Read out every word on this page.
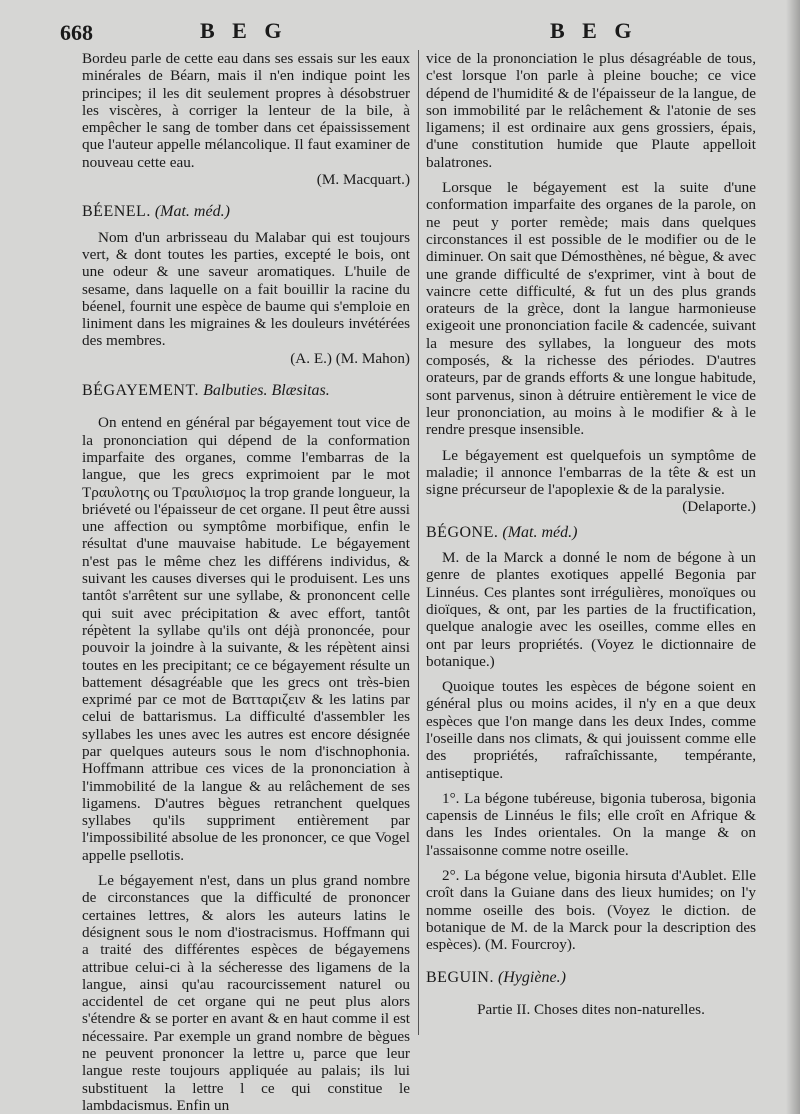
668	B E G	B E G

Bordeu parle de cette eau dans ses essais sur les eaux minérales de Béarn, mais il n'en indique point les principes; il les dit seulement propres à désobstruer les viscères, à corriger la lenteur de la bile, à empêcher le sang de tomber dans cet épaississement que l'auteur appelle mélancolique. Il faut examiner de nouveau cette eau.

(M. Macquart.)

BÉENEL. (Mat. méd.)

Nom d'un arbrisseau du Malabar qui est toujours vert, & dont toutes les parties, excepté le bois, ont une odeur & une saveur aromatiques. L'huile de sesame, dans laquelle on a fait bouillir la racine du béenel, fournit une espèce de baume qui s'emploie en liniment dans les migraines & les douleurs invétérées des membres.

(A. E.) (M. Mahon)

BÉGAYEMENT. Balbuties. Blæsitas.

On entend en général par bégayement tout vice de la prononciation qui dépend de la conformation imparfaite des organes, comme l'embarras de la langue, que les grecs exprimoient par le mot Τραυλοτης ou Τραυλισμος la trop grande longueur, la briéveté ou l'épaisseur de cet organe. Il peut être aussi une affection ou symptôme morbifique, enfin le résultat d'une mauvaise habitude. Le bégayement n'est pas le même chez les différens individus, & suivant les causes diverses qui le produisent. Les uns tantôt s'arrêtent sur une syllabe, & prononcent celle qui suit avec précipitation & avec effort, tantôt répètent la syllabe qu'ils ont déjà prononcée, pour pouvoir la joindre à la suivante, & les répètent ainsi toutes en les precipitant; ce ce bégayement résulte un battement désagréable que les grecs ont très-bien exprimé par ce mot de Βατταριζειν & les latins par celui de battarismus. La difficulté d'assembler les syllabes les unes avec les autres est encore désignée par quelques auteurs sous le nom d'ischnophonia. Hoffmann attribue ces vices de la prononciation à l'immobilité de la langue & au relâchement de ses ligamens. D'autres bègues retranchent quelques syllabes qu'ils suppriment entièrement par l'impossibilité absolue de les prononcer, ce que Vogel appelle psellotis.

Le bégayement n'est, dans un plus grand nombre de circonstances que la difficulté de prononcer certaines lettres, & alors les auteurs latins le désignent sous le nom d'iostracismus. Hoffmann qui a traité des différentes espèces de bégayemens attribue celui-ci à la sécheresse des ligamens de la langue, ainsi qu'au racourcissement naturel ou accidentel de cet organe qui ne peut plus alors s'étendre & se porter en avant & en haut comme il est nécessaire. Par exemple un grand nombre de bègues ne peuvent prononcer la lettre u, parce que leur langue reste toujours appliquée au palais; ils lui substituent la lettre l ce qui constitue le lambdacismus. Enfin un

vice de la prononciation le plus désagréable de tous, c'est lorsque l'on parle à pleine bouche; ce vice dépend de l'humidité & de l'épaisseur de la langue, de son immobilité par le relâchement & l'atonie de ses ligamens; il est ordinaire aux gens grossiers, épais, d'une constitution humide que Plaute appelloit balatrones.

Lorsque le bégayement est la suite d'une conformation imparfaite des organes de la parole, on ne peut y porter remède; mais dans quelques circonstances il est possible de le modifier ou de le diminuer. On sait que Démosthènes, né bègue, & avec une grande difficulté de s'exprimer, vint à bout de vaincre cette difficulté, & fut un des plus grands orateurs de la grèce, dont la langue harmonieuse exigeoit une prononciation facile & cadencée, suivant la mesure des syllabes, la longueur des mots composés, & la richesse des périodes. D'autres orateurs, par de grands efforts & une longue habitude, sont parvenus, sinon à détruire entièrement le vice de leur prononciation, au moins à le modifier & à le rendre presque insensible.

Le bégayement est quelquefois un symptôme de maladie; il annonce l'embarras de la tête & est un signe précurseur de l'apoplexie & de la paralysie.

(Delaporte.)

BÉGONE. (Mat. méd.)

M. de la Marck a donné le nom de bégone à un genre de plantes exotiques appellé Begonia par Linnéus. Ces plantes sont irrégulières, monoïques ou dioïques, & ont, par les parties de la fructification, quelque analogie avec les oseilles, comme elles en ont par leurs propriétés. (Voyez le dictionnaire de botanique.)

Quoique toutes les espèces de bégone soient en général plus ou moins acides, il n'y en a que deux espèces que l'on mange dans les deux Indes, comme l'oseille dans nos climats, & qui jouissent comme elle des propriétés, rafraîchissante, tempérante, antiseptique.

1°. La bégone tubéreuse, bigonia tuberosa, bigonia capensis de Linnéus le fils; elle croît en Afrique & dans les Indes orientales. On la mange & on l'assaisonne comme notre oseille.

2°. La bégone velue, bigonia hirsuta d'Aublet. Elle croît dans la Guiane dans des lieux humides; on l'y nomme oseille des bois. (Voyez le diction. de botanique de M. de la Marck pour la description des espèces). (M. Fourcroy).

BEGUIN. (Hygiène.)

Partie II. Choses dites non-naturelles.
